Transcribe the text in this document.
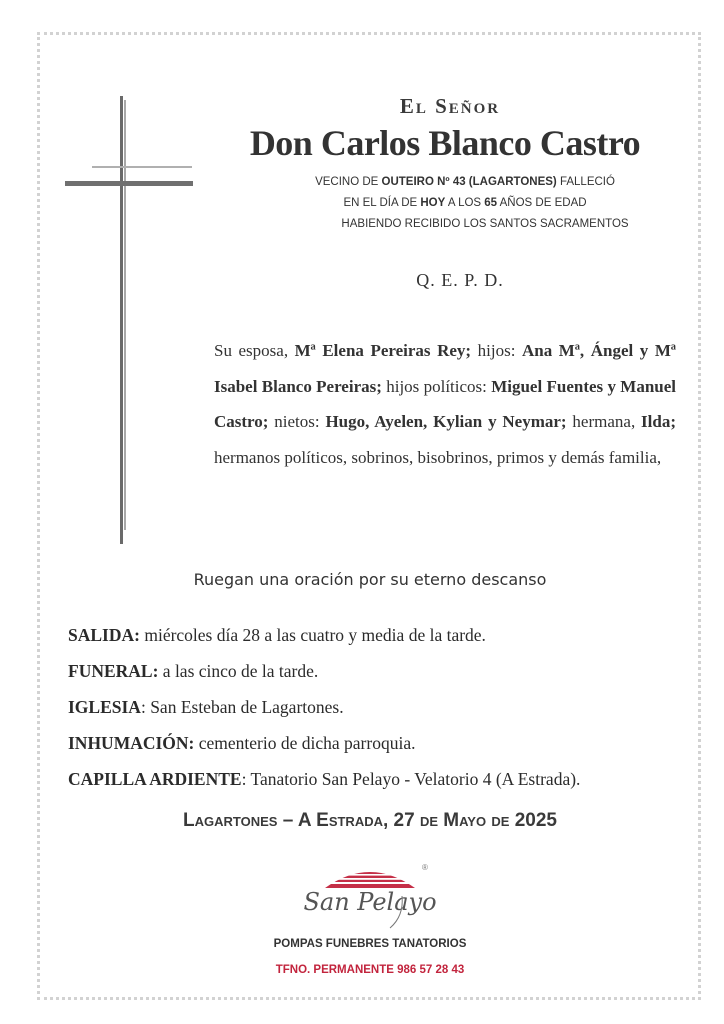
El Señor
Don Carlos Blanco Castro
VECINO DE OUTEIRO Nº 43 (LAGARTONES) FALLECIÓ
EN EL DÍA DE HOY A LOS 65 AÑOS DE EDAD
HABIENDO RECIBIDO LOS SANTOS SACRAMENTOS
Q. E. P. D.
Su esposa, Mª Elena Pereiras Rey; hijos: Ana Mª, Ángel y Mª Isabel Blanco Pereiras; hijos políticos: Miguel Fuentes y Manuel Castro; nietos: Hugo, Ayelen, Kylian y Neymar; hermana, Ilda; hermanos políticos, sobrinos, bisobrinos, primos y demás familia,
Ruegan una oración por su eterno descanso
SALIDA: miércoles día 28 a las cuatro y media de la tarde.
FUNERAL: a las cinco de la tarde.
IGLESIA: San Esteban de Lagartones.
INHUMACIÓN: cementerio de dicha parroquia.
CAPILLA ARDIENTE: Tanatorio San Pelayo - Velatorio 4 (A Estrada).
Lagartones – A Estrada, 27 de Mayo de 2025
San Pelayo
®
POMPAS FUNEBRES TANATORIOS
TFNO. PERMANENTE 986 57 28 43
